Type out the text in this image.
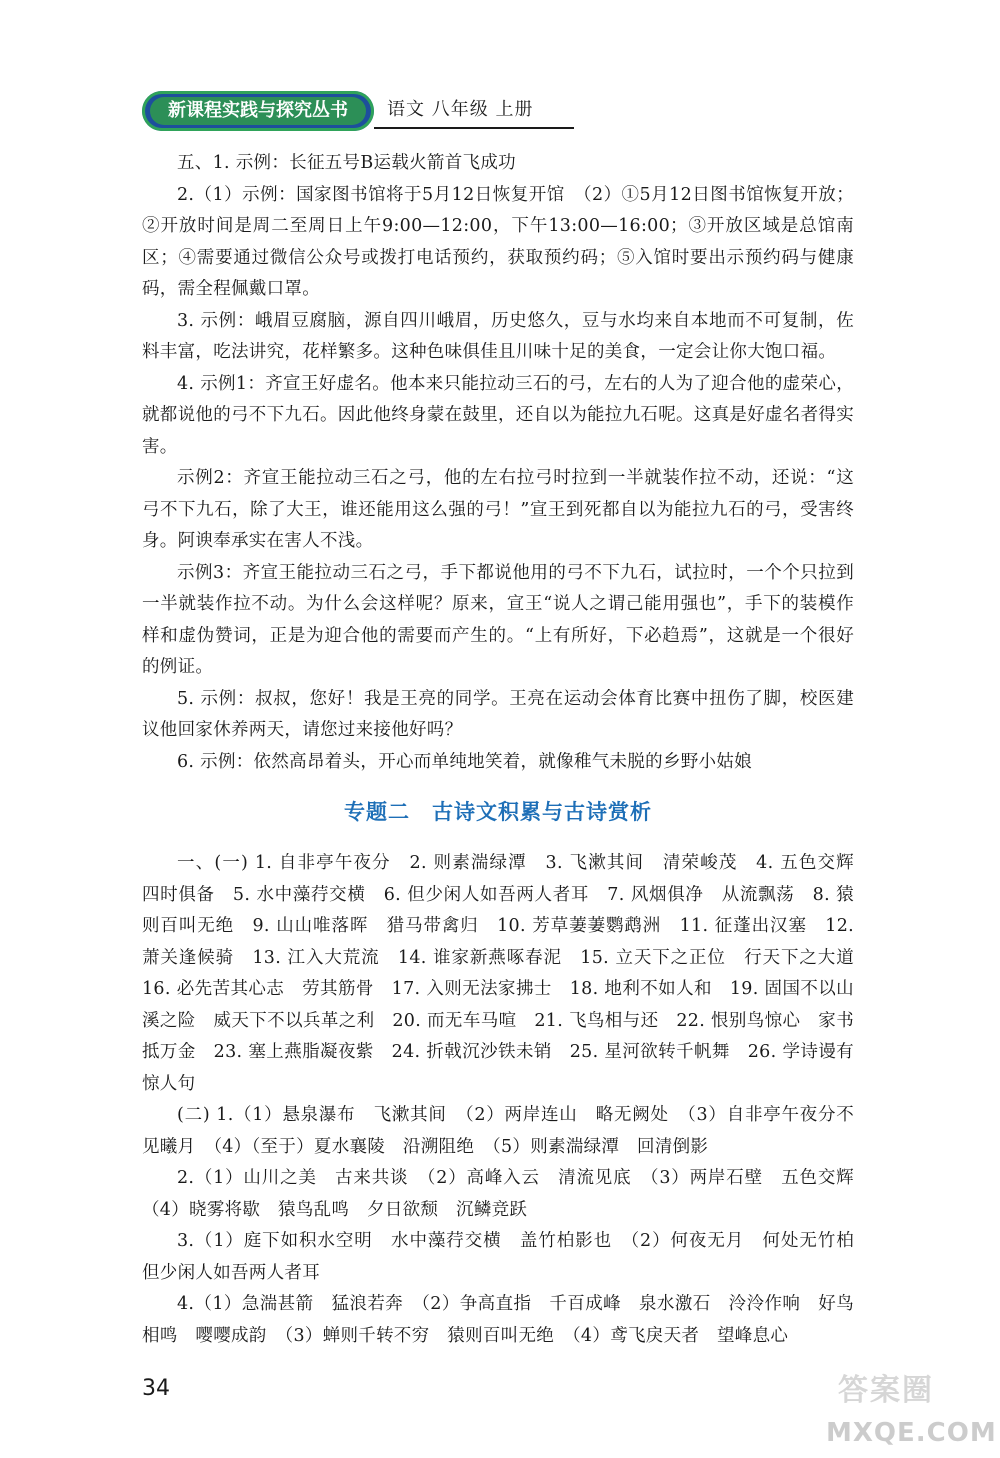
新课程实践与探究丛书	语文 八年级 上册

五、1. 示例：长征五号B运载火箭首飞成功

2.（1）示例：国家图书馆将于5月12日恢复开馆　（2）①5月12日图书馆恢复开放；②开放时间是周二至周日上午9:00—12:00，下午13:00—16:00；③开放区域是总馆南区；④需要通过微信公众号或拨打电话预约，获取预约码；⑤入馆时要出示预约码与健康码，需全程佩戴口罩。

3. 示例：峨眉豆腐脑，源自四川峨眉，历史悠久，豆与水均来自本地而不可复制，佐料丰富，吃法讲究，花样繁多。这种色味俱佳且川味十足的美食，一定会让你大饱口福。

4. 示例1：齐宣王好虚名。他本来只能拉动三石的弓，左右的人为了迎合他的虚荣心，就都说他的弓不下九石。因此他终身蒙在鼓里，还自以为能拉九石呢。这真是好虚名者得实害。

示例2：齐宣王能拉动三石之弓，他的左右拉弓时拉到一半就装作拉不动，还说：“这弓不下九石，除了大王，谁还能用这么强的弓！”宣王到死都自以为能拉九石的弓，受害终身。阿谀奉承实在害人不浅。

示例3：齐宣王能拉动三石之弓，手下都说他用的弓不下九石，试拉时，一个个只拉到一半就装作拉不动。为什么会这样呢？原来，宣王“说人之谓己能用强也”，手下的装模作样和虚伪赞词，正是为迎合他的需要而产生的。“上有所好，下必趋焉”，这就是一个很好的例证。

5. 示例：叔叔，您好！我是王亮的同学。王亮在运动会体育比赛中扭伤了脚，校医建议他回家休养两天，请您过来接他好吗？

6. 示例：依然高昂着头，开心而单纯地笑着，就像稚气未脱的乡野小姑娘

专题二　古诗文积累与古诗赏析

一、(一) 1. 自非亭午夜分　2. 则素湍绿潭　3. 飞漱其间　清荣峻茂　4. 五色交辉　四时俱备　5. 水中藻荇交横　6. 但少闲人如吾两人者耳　7. 风烟俱净　从流飘荡　8. 猿则百叫无绝　9. 山山唯落晖　猎马带禽归　10. 芳草萋萋鹦鹉洲　11. 征蓬出汉塞　12. 萧关逢候骑　13. 江入大荒流　14. 谁家新燕啄春泥　15. 立天下之正位　行天下之大道　16. 必先苦其心志　劳其筋骨　17. 入则无法家拂士　18. 地利不如人和　19. 固国不以山溪之险　威天下不以兵革之利　20. 而无车马喧　21. 飞鸟相与还　22. 恨别鸟惊心　家书抵万金　23. 塞上燕脂凝夜紫　24. 折戟沉沙铁未销　25. 星河欲转千帆舞　26. 学诗谩有惊人句

(二) 1.（1）悬泉瀑布　飞漱其间　（2）两岸连山　略无阙处　（3）自非亭午夜分不见曦月　（4）（至于）夏水襄陵　沿溯阻绝　（5）则素湍绿潭　回清倒影

2.（1）山川之美　古来共谈　（2）高峰入云　清流见底　（3）两岸石壁　五色交辉　（4）晓雾将歇　猿鸟乱鸣　夕日欲颓　沉鳞竞跃

3.（1）庭下如积水空明　水中藻荇交横　盖竹柏影也　（2）何夜无月　何处无竹柏　但少闲人如吾两人者耳

4.（1）急湍甚箭　猛浪若奔　（2）争高直指　千百成峰　泉水激石　泠泠作响　好鸟相鸣　嘤嘤成韵　（3）蝉则千转不穷　猿则百叫无绝　（4）鸢飞戾天者　望峰息心

34	答案圈
MXQE.COM
